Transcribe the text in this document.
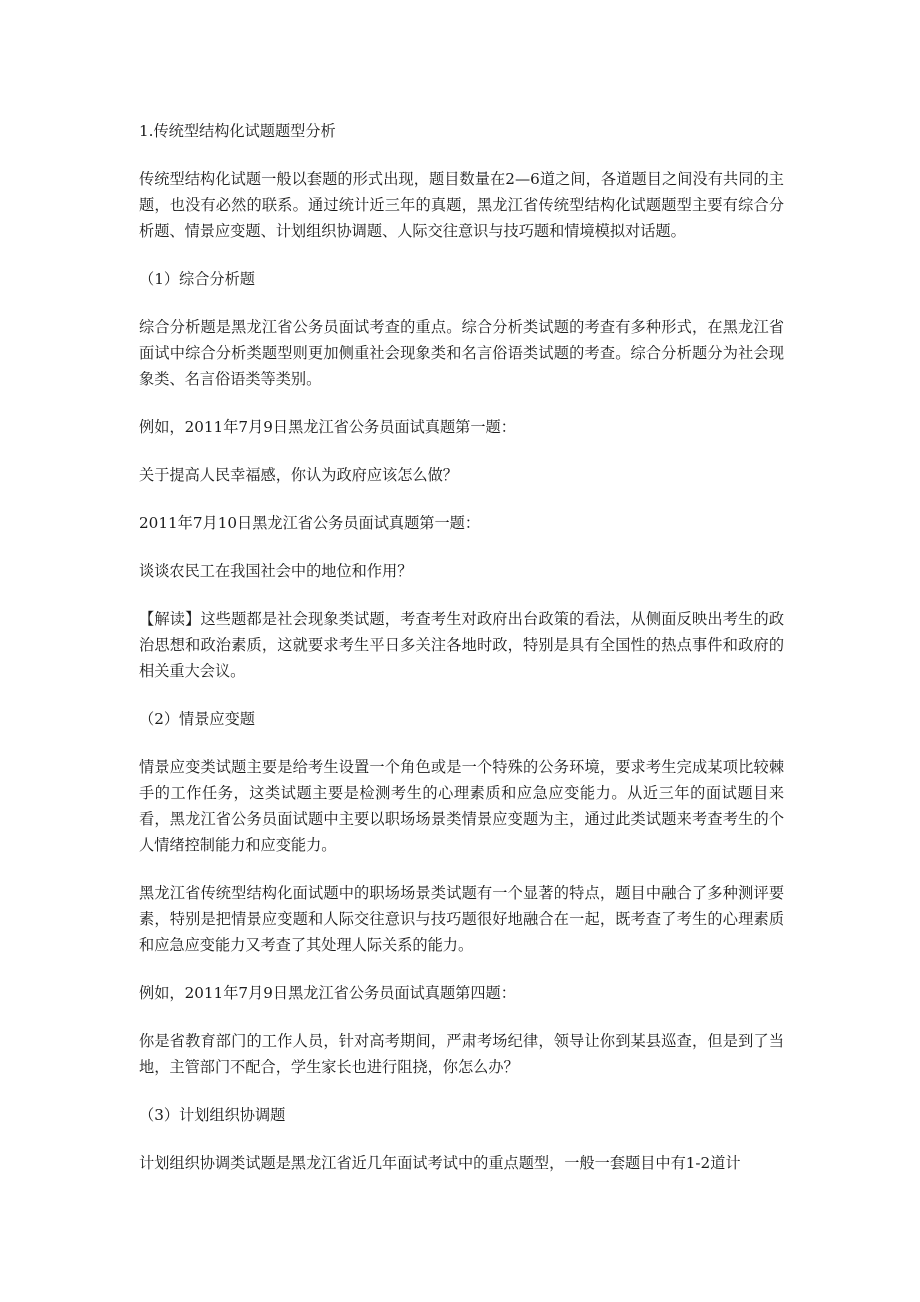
1.传统型结构化试题题型分析

传统型结构化试题一般以套题的形式出现，题目数量在2—6道之间，各道题目之间没有共同的主题，也没有必然的联系。通过统计近三年的真题，黑龙江省传统型结构化试题题型主要有综合分析题、情景应变题、计划组织协调题、人际交往意识与技巧题和情境模拟对话题。

（1）综合分析题

综合分析题是黑龙江省公务员面试考查的重点。综合分析类试题的考查有多种形式，在黑龙江省面试中综合分析类题型则更加侧重社会现象类和名言俗语类试题的考查。综合分析题分为社会现象类、名言俗语类等类别。

例如，2011年7月9日黑龙江省公务员面试真题第一题：

关于提高人民幸福感，你认为政府应该怎么做？

2011年7月10日黑龙江省公务员面试真题第一题：

谈谈农民工在我国社会中的地位和作用？

【解读】这些题都是社会现象类试题，考查考生对政府出台政策的看法，从侧面反映出考生的政治思想和政治素质，这就要求考生平日多关注各地时政，特别是具有全国性的热点事件和政府的相关重大会议。

（2）情景应变题

情景应变类试题主要是给考生设置一个角色或是一个特殊的公务环境，要求考生完成某项比较棘手的工作任务，这类试题主要是检测考生的心理素质和应急应变能力。从近三年的面试题目来看，黑龙江省公务员面试题中主要以职场场景类情景应变题为主，通过此类试题来考查考生的个人情绪控制能力和应变能力。

黑龙江省传统型结构化面试题中的职场场景类试题有一个显著的特点，题目中融合了多种测评要素，特别是把情景应变题和人际交往意识与技巧题很好地融合在一起，既考查了考生的心理素质和应急应变能力又考查了其处理人际关系的能力。

例如，2011年7月9日黑龙江省公务员面试真题第四题：

你是省教育部门的工作人员，针对高考期间，严肃考场纪律，领导让你到某县巡查，但是到了当地，主管部门不配合，学生家长也进行阻挠，你怎么办？

（3）计划组织协调题

计划组织协调类试题是黑龙江省近几年面试考试中的重点题型，一般一套题目中有1-2道计
